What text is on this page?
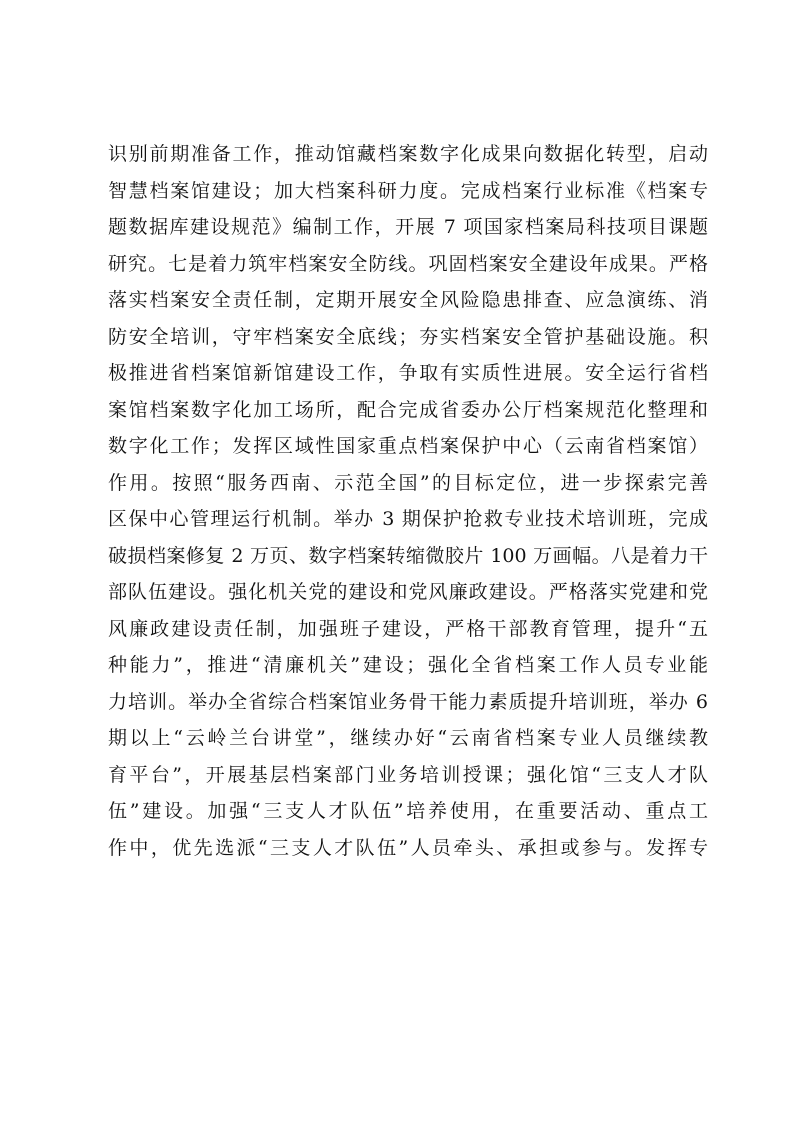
识别前期准备工作，推动馆藏档案数字化成果向数据化转型，启动
智慧档案馆建设；加大档案科研力度。完成档案行业标准《档案专
题数据库建设规范》编制工作，开展 7 项国家档案局科技项目课题
研究。七是着力筑牢档案安全防线。巩固档案安全建设年成果。严格
落实档案安全责任制，定期开展安全风险隐患排查、应急演练、消
防安全培训，守牢档案安全底线；夯实档案安全管护基础设施。积
极推进省档案馆新馆建设工作，争取有实质性进展。安全运行省档
案馆档案数字化加工场所，配合完成省委办公厅档案规范化整理和
数字化工作；发挥区域性国家重点档案保护中心（云南省档案馆）
作用。按照“服务西南、示范全国”的目标定位，进一步探索完善
区保中心管理运行机制。举办 3 期保护抢救专业技术培训班，完成
破损档案修复 2 万页、数字档案转缩微胶片 100 万画幅。八是着力干
部队伍建设。强化机关党的建设和党风廉政建设。严格落实党建和党
风廉政建设责任制，加强班子建设，严格干部教育管理，提升“五
种能力”，推进“清廉机关”建设；强化全省档案工作人员专业能
力培训。举办全省综合档案馆业务骨干能力素质提升培训班，举办 6
期以上“云岭兰台讲堂”，继续办好“云南省档案专业人员继续教
育平台”，开展基层档案部门业务培训授课；强化馆“三支人才队
伍”建设。加强“三支人才队伍”培养使用，在重要活动、重点工
作中，优先选派“三支人才队伍”人员牵头、承担或参与。发挥专
